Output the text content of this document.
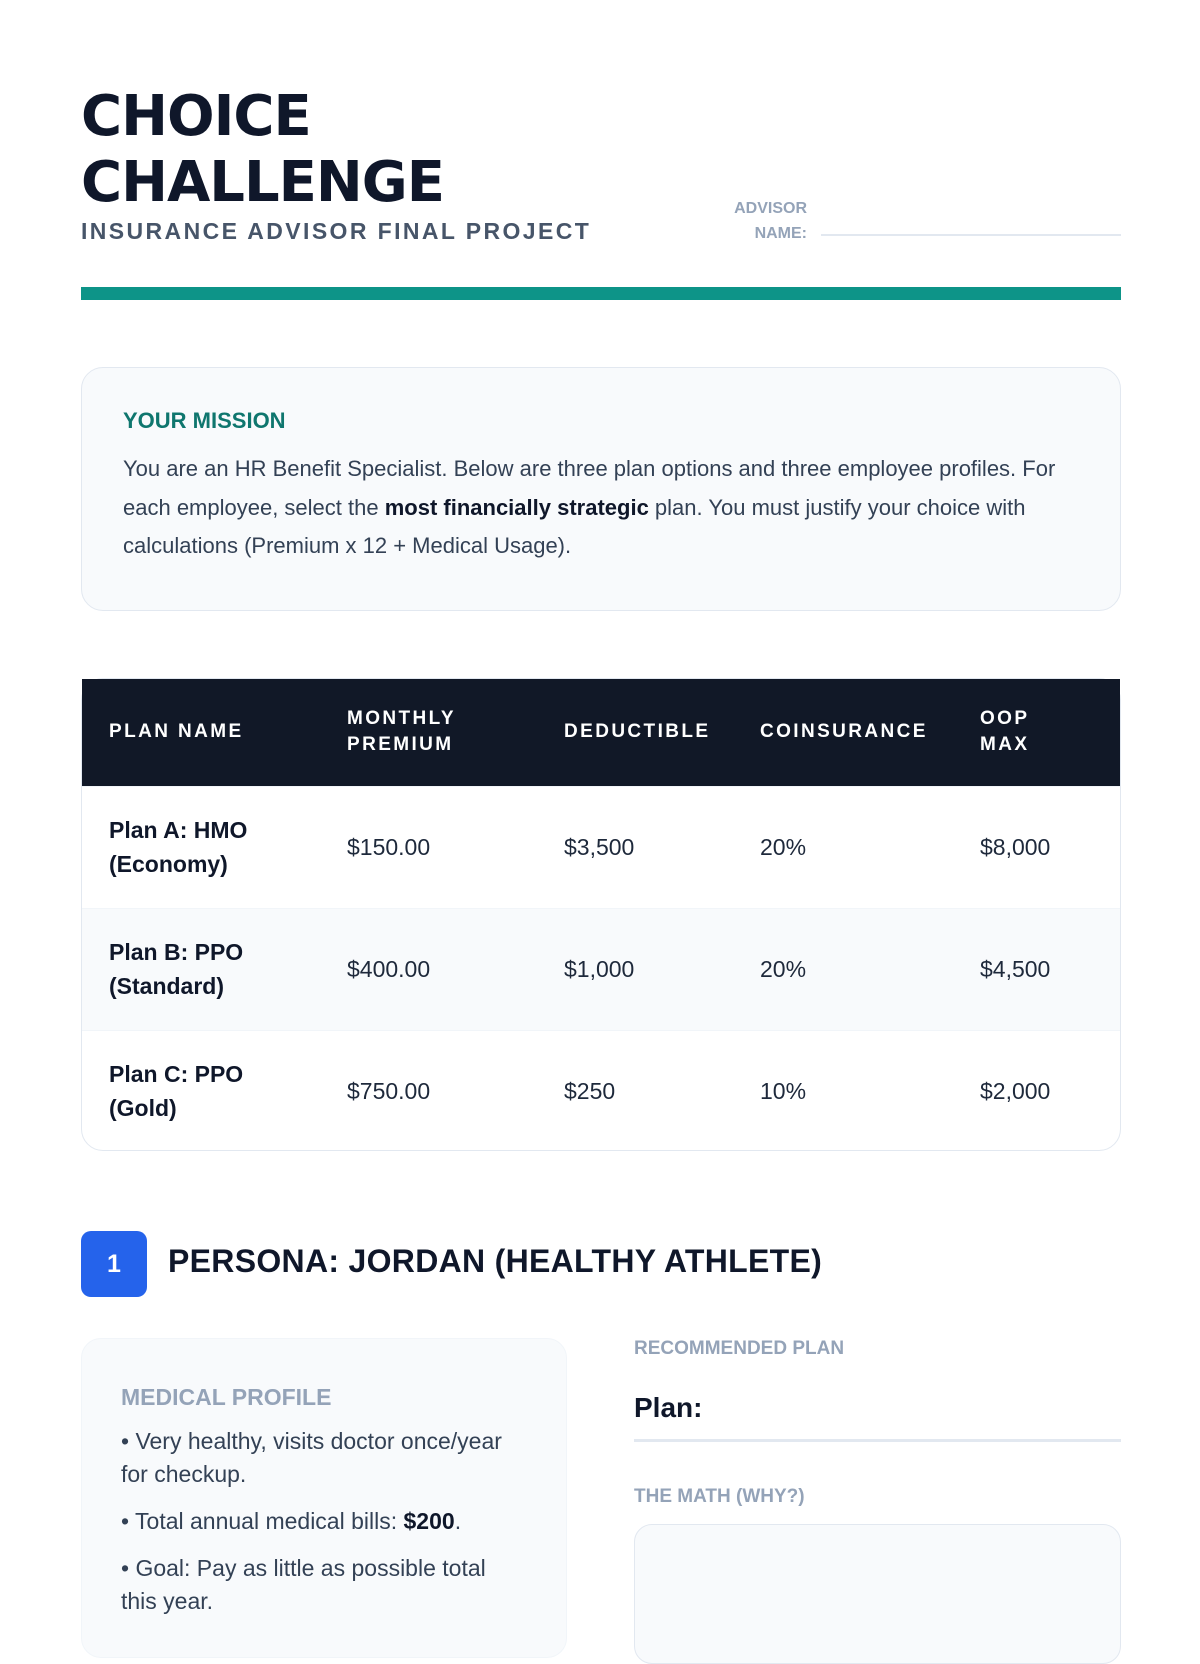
CHOICE
CHALLENGE
INSURANCE ADVISOR FINAL PROJECT
ADVISOR
NAME:
YOUR MISSION

You are an HR Benefit Specialist. Below are three plan options and three employee profiles. For each employee, select the most financially strategic plan. You must justify your choice with calculations (Premium x 12 + Medical Usage).

PLAN NAME	MONTHLY PREMIUM	DEDUCTIBLE	COINSURANCE	OOP MAX

Plan A: HMO
(Economy)	$150.00	$3,500	20%	$8,000

Plan B: PPO
(Standard)	$400.00	$1,000	20%	$4,500

Plan C: PPO
(Gold)	$750.00	$250	10%	$2,000
1	PERSONA: JORDAN (HEALTHY ATHLETE)
MEDICAL PROFILE
• Very healthy, visits doctor once/year for checkup.
• Total annual medical bills: $200.
• Goal: Pay as little as possible total this year.
RECOMMENDED PLAN
Plan:
THE MATH (WHY?)
